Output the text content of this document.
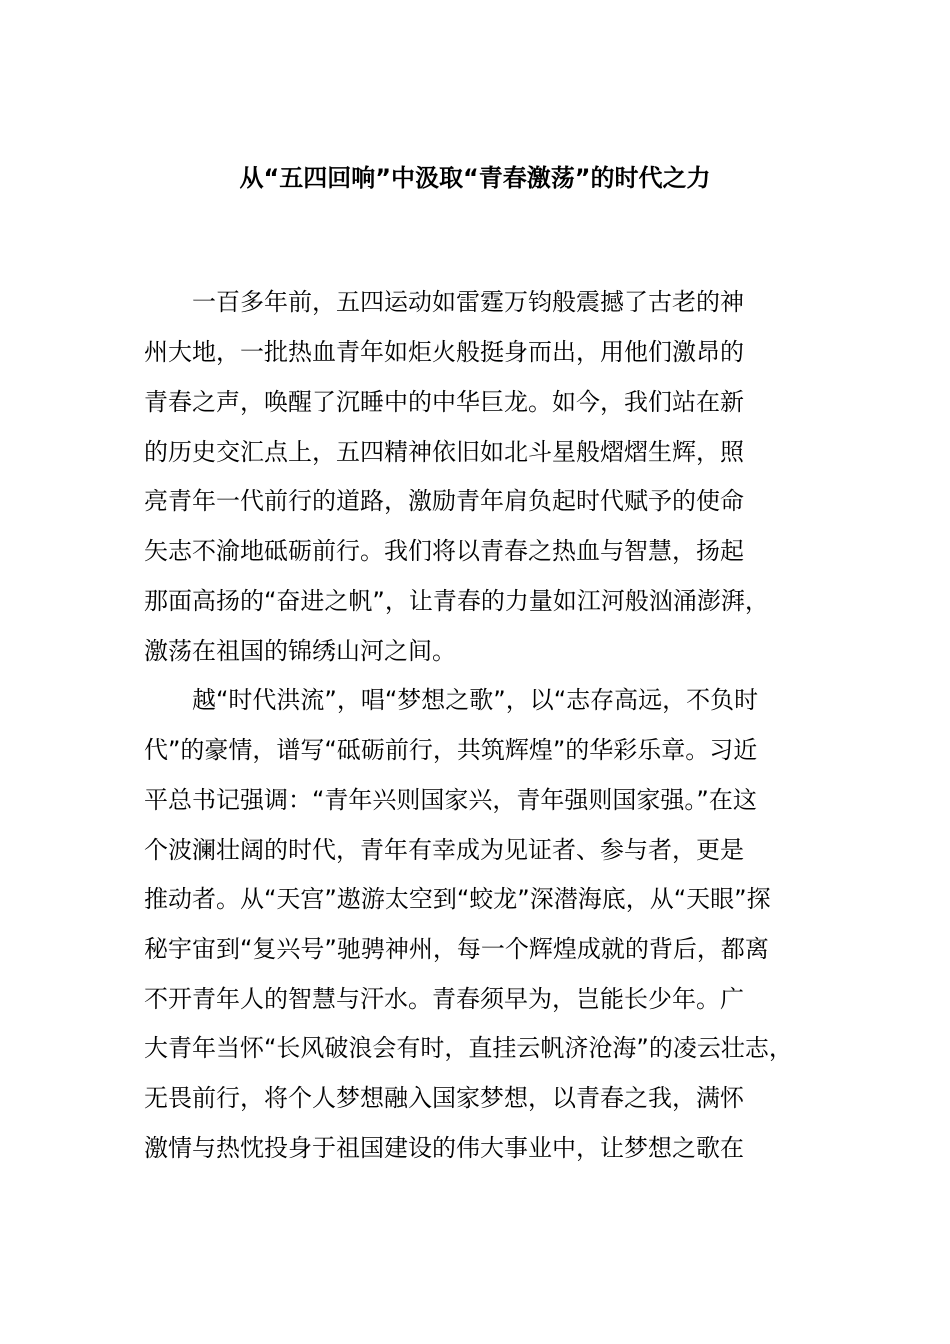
从“五四回响”中汲取“青春激荡”的时代之力
　　一百多年前，五四运动如雷霆万钧般震撼了古老的神
州大地，一批热血青年如炬火般挺身而出，用他们激昂的
青春之声，唤醒了沉睡中的中华巨龙。如今，我们站在新
的历史交汇点上，五四精神依旧如北斗星般熠熠生辉，照
亮青年一代前行的道路，激励青年肩负起时代赋予的使命
矢志不渝地砥砺前行。我们将以青春之热血与智慧，扬起
那面高扬的“奋进之帆”，让青春的力量如江河般汹涌澎湃，
激荡在祖国的锦绣山河之间。
　　越“时代洪流”，唱“梦想之歌”，以“志存高远，不负时
代”的豪情，谱写“砥砺前行，共筑辉煌”的华彩乐章。习近
平总书记强调：“青年兴则国家兴，青年强则国家强。”在这
个波澜壮阔的时代，青年有幸成为见证者、参与者，更是
推动者。从“天宫”遨游太空到“蛟龙”深潜海底，从“天眼”探
秘宇宙到“复兴号”驰骋神州，每一个辉煌成就的背后，都离
不开青年人的智慧与汗水。青春须早为，岂能长少年。广
大青年当怀“长风破浪会有时，直挂云帆济沧海”的凌云壮志，
无畏前行，将个人梦想融入国家梦想，以青春之我，满怀
激情与热忱投身于祖国建设的伟大事业中，让梦想之歌在
